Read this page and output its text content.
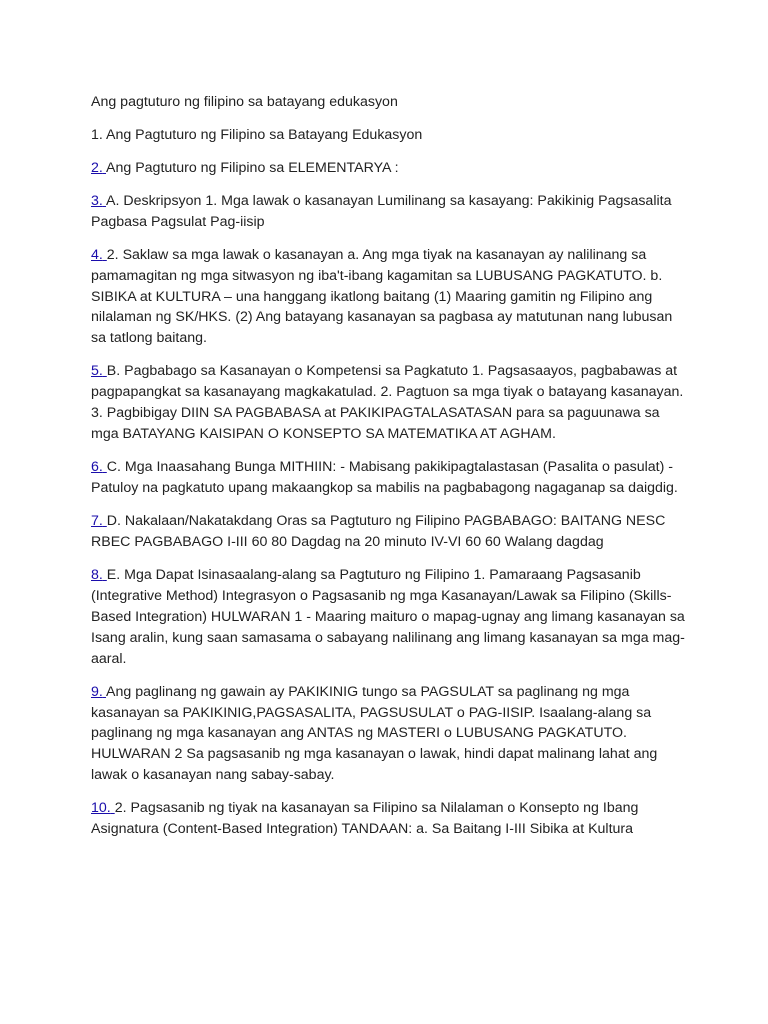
Ang pagtuturo ng filipino sa batayang edukasyon

1. Ang Pagtuturo ng Filipino sa Batayang Edukasyon

2. Ang Pagtuturo ng Filipino sa ELEMENTARYA :

3. A. Deskripsyon 1. Mga lawak o kasanayan Lumilinang sa kasayang: Pakikinig Pagsasalita Pagbasa Pagsulat Pag-iisip

4. 2. Saklaw sa mga lawak o kasanayan a. Ang mga tiyak na kasanayan ay nalilinang sa pamamagitan ng mga sitwasyon ng iba't-ibang kagamitan sa LUBUSANG PAGKATUTO. b. SIBIKA at KULTURA – una hanggang ikatlong baitang (1) Maaring gamitin ng Filipino ang nilalaman ng SK/HKS. (2) Ang batayang kasanayan sa pagbasa ay matutunan nang lubusan sa tatlong baitang.

5. B. Pagbabago sa Kasanayan o Kompetensi sa Pagkatuto 1. Pagsasaayos, pagbabawas at pagpapangkat sa kasanayang magkakatulad. 2. Pagtuon sa mga tiyak o batayang kasanayan. 3. Pagbibigay DIIN SA PAGBABASA at PAKIKIPAGTALASATASAN para sa paguunawa sa mga BATAYANG KAISIPAN O KONSEPTO SA MATEMATIKA AT AGHAM.

6. C. Mga Inaasahang Bunga MITHIIN: - Mabisang pakikipagtalastasan (Pasalita o pasulat) - Patuloy na pagkatuto upang makaangkop sa mabilis na pagbabagong nagaganap sa daigdig.

7. D. Nakalaan/Nakatakdang Oras sa Pagtuturo ng Filipino PAGBABAGO: BAITANG NESC RBEC PAGBABAGO I-III 60 80 Dagdag na 20 minuto IV-VI 60 60 Walang dagdag

8. E. Mga Dapat Isinasaalang-alang sa Pagtuturo ng Filipino 1. Pamaraang Pagsasanib (Integrative Method) Integrasyon o Pagsasanib ng mga Kasanayan/Lawak sa Filipino (Skills-Based Integration) HULWARAN 1 - Maaring maituro o mapag-ugnay ang limang kasanayan sa Isang aralin, kung saan samasama o sabayang nalilinang ang limang kasanayan sa mga mag-aaral.

9. Ang paglinang ng gawain ay PAKIKINIG tungo sa PAGSULAT sa paglinang ng mga kasanayan sa PAKIKINIG,PAGSASALITA, PAGSUSULAT o PAG-IISIP. Isaalang-alang sa paglinang ng mga kasanayan ang ANTAS ng MASTERI o LUBUSANG PAGKATUTO. HULWARAN 2 Sa pagsasanib ng mga kasanayan o lawak, hindi dapat malinang lahat ang lawak o kasanayan nang sabay-sabay.

10. 2. Pagsasanib ng tiyak na kasanayan sa Filipino sa Nilalaman o Konsepto ng Ibang Asignatura (Content-Based Integration) TANDAAN: a. Sa Baitang I-III Sibika at Kultura
